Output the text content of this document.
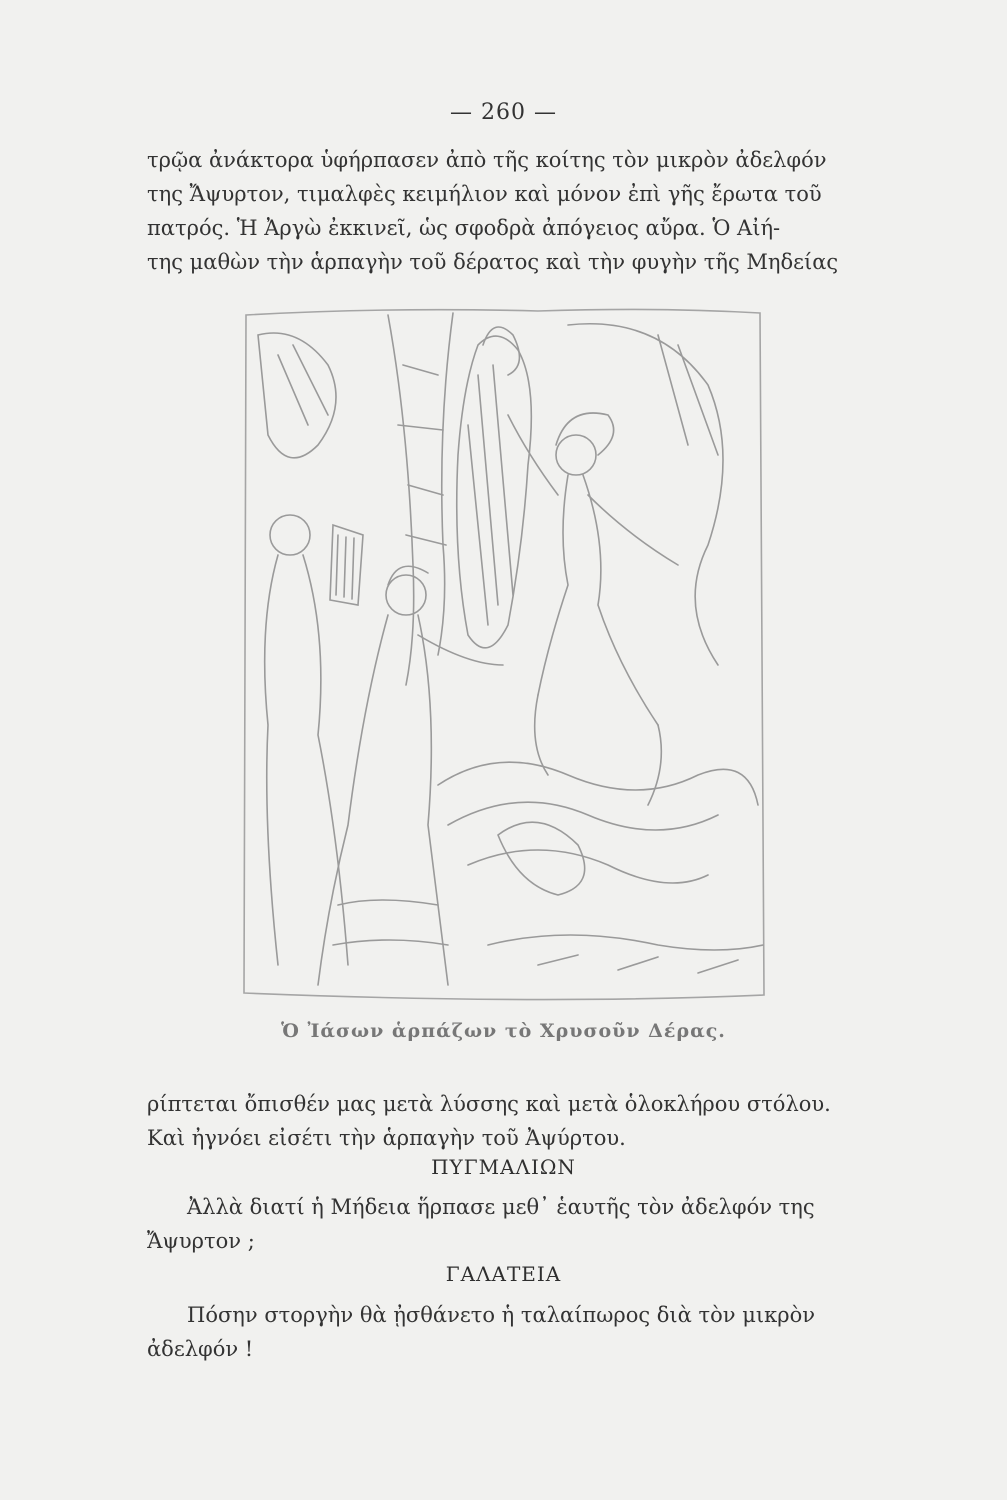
— 260 —

τρῷα ἀνάκτορα ὑφήρπασεν ἀπὸ τῆς κοίτης τὸν μικρὸν ἀδελφόν
της Ἄψυρτον, τιμαλφὲς κειμήλιον καὶ μόνον ἐπὶ γῆς ἔρωτα τοῦ
πατρός. Ἡ Ἀργὼ ἐκκινεῖ, ὡς σφοδρὰ ἀπόγειος αὔρα. Ὁ Αἰή-
της μαθὼν τὴν ἁρπαγὴν τοῦ δέρατος καὶ τὴν φυγὴν τῆς Μηδείας

Ὁ Ἰάσων ἁρπάζων τὸ Χρυσοῦν Δέρας.

ρίπτεται ὄπισθέν μας μετὰ λύσσης καὶ μετὰ ὁλοκλήρου στόλου.
Καὶ ἠγνόει εἰσέτι τὴν ἁρπαγὴν τοῦ Ἀψύρτου.

ΠΥΓΜΑΛΙΩΝ

Ἀλλὰ διατί ἡ Μήδεια ἥρπασε μεθ᾽ ἑαυτῆς τὸν ἀδελφόν της
Ἄψυρτον ;

ΓΑΛΑΤΕΙΑ

Πόσην στοργὴν θὰ ᾐσθάνετο ἡ ταλαίπωρος διὰ τὸν μικρὸν
ἀδελφόν !
